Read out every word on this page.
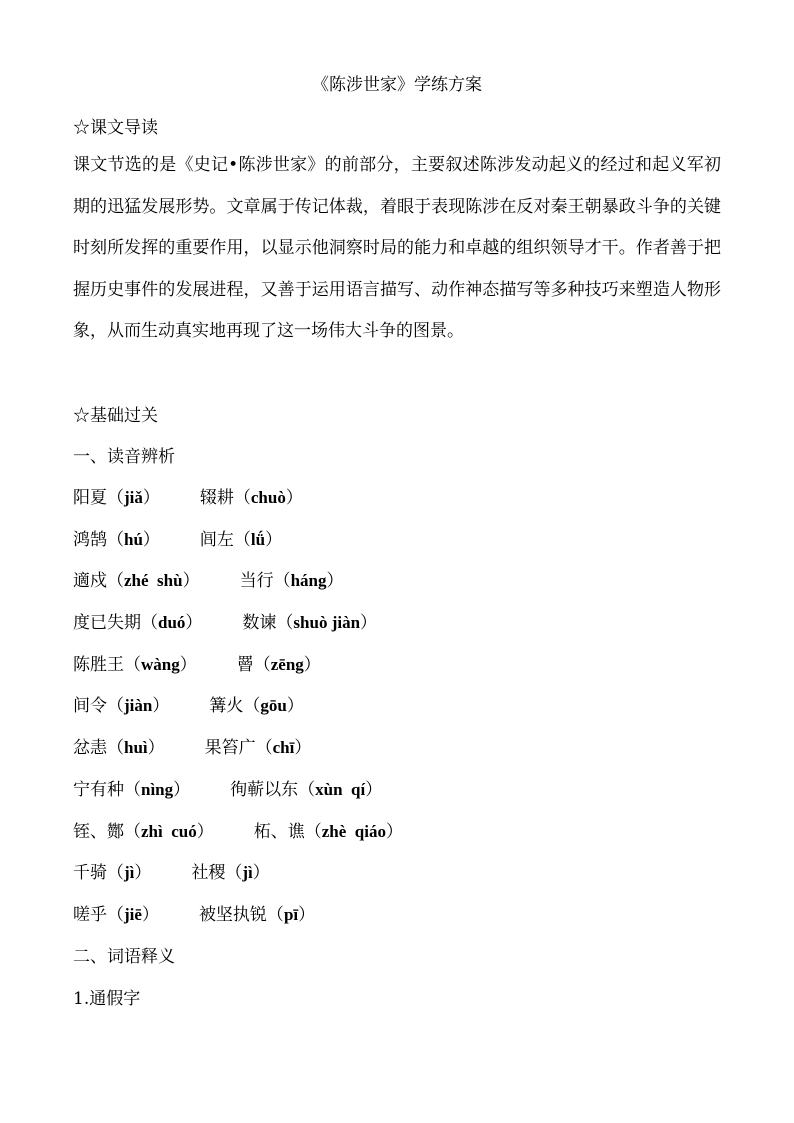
《陈涉世家》学练方案
☆课文导读
课文节选的是《史记•陈涉世家》的前部分，主要叙述陈涉发动起义的经过和起义军初期的迅猛发展形势。文章属于传记体裁，着眼于表现陈涉在反对秦王朝暴政斗争的关键时刻所发挥的重要作用，以显示他洞察时局的能力和卓越的组织领导才干。作者善于把握历史事件的发展进程，又善于运用语言描写、动作神态描写等多种技巧来塑造人物形象，从而生动真实地再现了这一场伟大斗争的图景。
☆基础过关
一、读音辨析
阳夏（jiǎ） 辍耕（chuò）
鸿鹄（hú） 闾左（lǘ）
適戍（zhé  shù） 当行（háng）
度已失期（duó） 数谏（shuò jiàn）
陈胜王（wàng） 罾（zēng）
间令（jiàn） 篝火（gōu）
忿恚（huì） 果笞广（chī）
宁有种（nìng） 徇蕲以东（xùn  qí）
铚、酂（zhì  cuó） 柘、谯（zhè  qiáo）
千骑（jì） 社稷（jì）
嗟乎（jiē） 被坚执锐（pī）
二、词语释义
1.通假字
